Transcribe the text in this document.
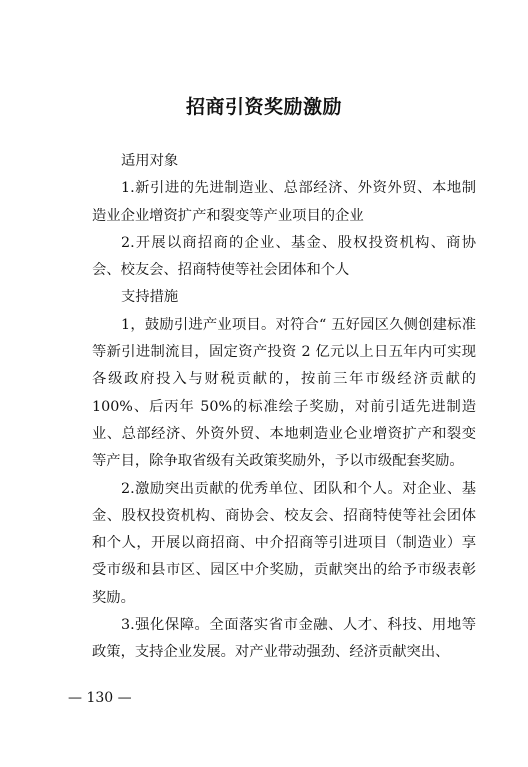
招商引资奖励激励

适用对象

1.新引进的先进制造业、总部经济、外资外贸、本地制造业企业增资扩产和裂变等产业项目的企业

2.开展以商招商的企业、基金、股权投资机构、商协会、校友会、招商特使等社会团体和个人

支持措施

1，鼓励引进产业项目。对符合“ 五好园区久侧创建标准等新引进制流目，固定资产投资 2 亿元以上日五年内可实现各级政府投入与财税贡献的，按前三年市级经济贡献的 100%、后丙年 50%的标准绘子奖励，对前引适先进制造业、总部经济、外资外贸、本地刺造业仑业增资扩产和裂变等产目，除争取省级有关政策奖励外，予以市级配套奖励。

2.激励突出贡献的优秀单位、团队和个人。对企业、基金、股权投资机构、商协会、校友会、招商特使等社会团体和个人，开展以商招商、中介招商等引进项目（制造业）享受市级和县市区、园区中介奖励，贡献突出的给予市级表彰奖励。

3.强化保障。全面落实省市金融、人才、科技、用地等政策，支持企业发展。对产业带动强劲、经济贡献突出、

— 130 —
